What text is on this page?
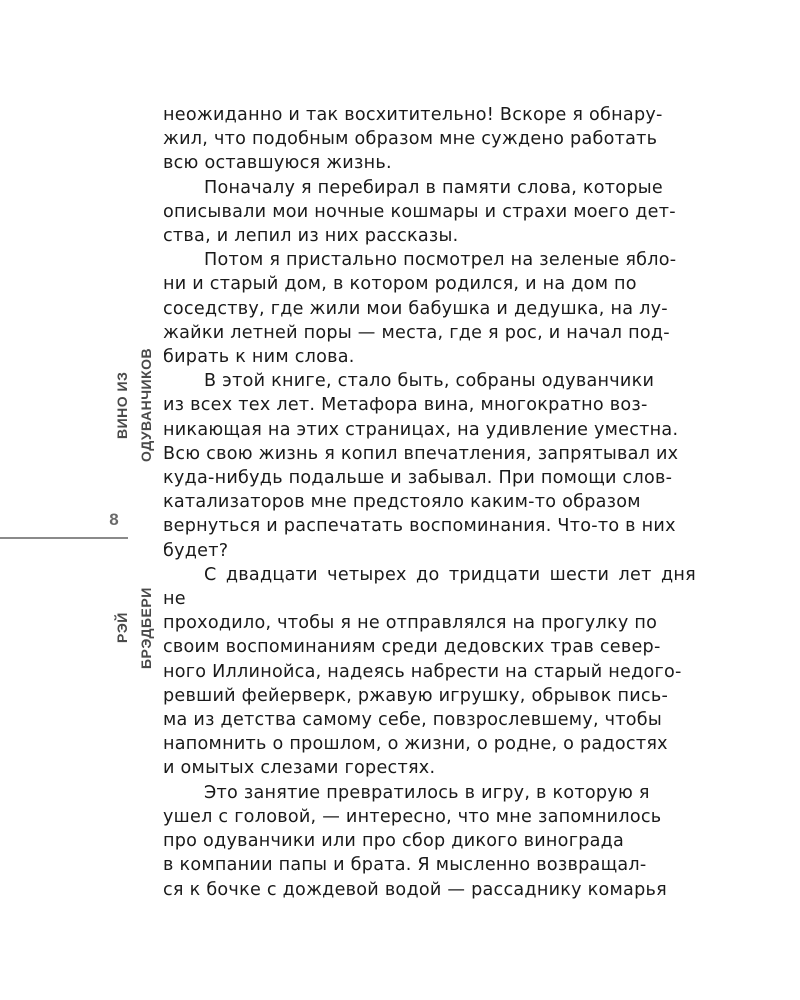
ВИНО ИЗ ОДУВАНЧИКОВ
8
РЭЙ БРЭДБЕРИ

неожиданно и так восхитительно! Вскоре я обнару-
жил, что подобным образом мне суждено работать
всю оставшуюся жизнь.

Поначалу я перебирал в памяти слова, которые
описывали мои ночные кошмары и страхи моего дет-
ства, и лепил из них рассказы.

Потом я пристально посмотрел на зеленые ябло-
ни и старый дом, в котором родился, и на дом по
соседству, где жили мои бабушка и дедушка, на лу-
жайки летней поры — места, где я рос, и начал под-
бирать к ним слова.

В этой книге, стало быть, собраны одуванчики
из всех тех лет. Метафора вина, многократно воз-
никающая на этих страницах, на удивление уместна.
Всю свою жизнь я копил впечатления, запрятывал их
куда-нибудь подальше и забывал. При помощи слов-
катализаторов мне предстояло каким-то образом
вернуться и распечатать воспоминания. Что-то в них
будет?

С двадцати четырех до тридцати шести лет дня не
проходило, чтобы я не отправлялся на прогулку по
своим воспоминаниям среди дедовских трав север-
ного Иллинойса, надеясь набрести на старый недого-
ревший фейерверк, ржавую игрушку, обрывок пись-
ма из детства самому себе, повзрослевшему, чтобы
напомнить о прошлом, о жизни, о родне, о радостях
и омытых слезами горестях.

Это занятие превратилось в игру, в которую я
ушел с головой, — интересно, что мне запомнилось
про одуванчики или про сбор дикого винограда
в компании папы и брата. Я мысленно возвращал-
ся к бочке с дождевой водой — рассаднику комарья
